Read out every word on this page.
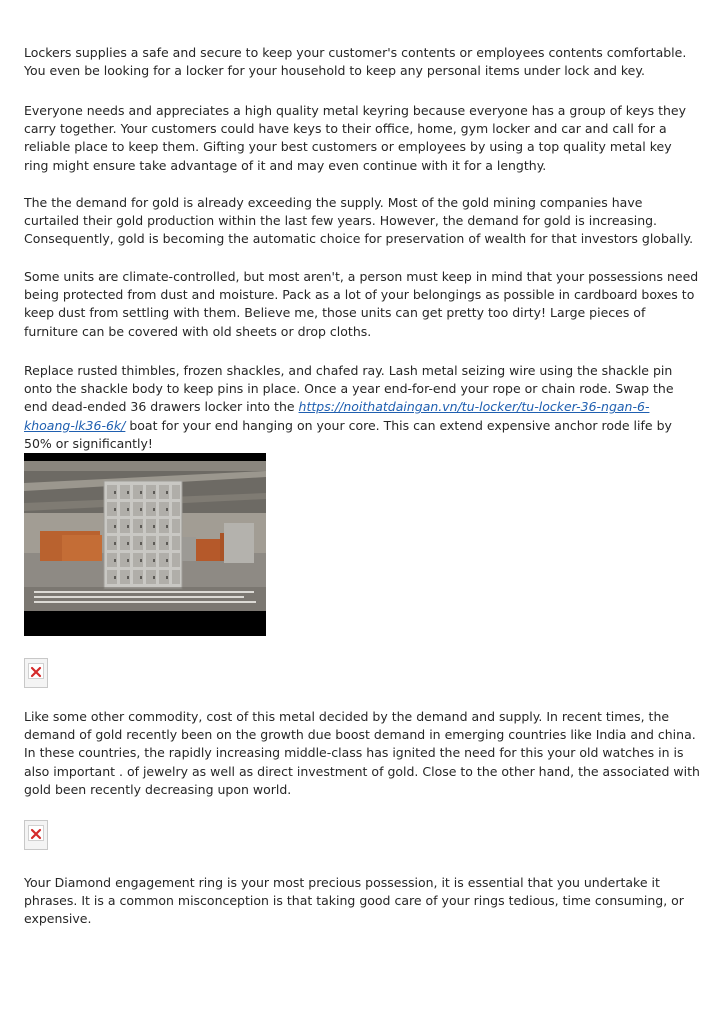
Lockers supplies a safe and secure to keep your customer's contents or employees contents comfortable. You even be looking for a locker for your household to keep any personal items under lock and key.

Everyone needs and appreciates a high quality metal keyring because everyone has a group of keys they carry together. Your customers could have keys to their office, home, gym locker and car and call for a reliable place to keep them. Gifting your best customers or employees by using a top quality metal key ring might ensure take advantage of it and may even continue with it for a lengthy.

The the demand for gold is already exceeding the supply. Most of the gold mining companies have curtailed their gold production within the last few years. However, the demand for gold is increasing. Consequently, gold is becoming the automatic choice for preservation of wealth for that investors globally.

Some units are climate-controlled, but most aren't, a person must keep in mind that your possessions need being protected from dust and moisture. Pack as a lot of your belongings as possible in cardboard boxes to keep dust from settling with them. Believe me, those units can get pretty too dirty! Large pieces of furniture can be covered with old sheets or drop cloths.

Replace rusted thimbles, frozen shackles, and chafed ray. Lash metal seizing wire using the shackle pin onto the shackle body to keep pins in place. Once a year end-for-end your rope or chain rode. Swap the end dead-ended 36 drawers locker into the https://noithatdaingan.vn/tu-locker/tu-locker-36-ngan-6-khoang-lk36-6k/ boat for your end hanging on your core. This can extend expensive anchor rode life by 50% or significantly!

Like some other commodity, cost of this metal decided by the demand and supply. In recent times, the demand of gold recently been on the growth due boost demand in emerging countries like India and china. In these countries, the rapidly increasing middle-class has ignited the need for this your old watches in is also important . of jewelry as well as direct investment of gold. Close to the other hand, the associated with gold been recently decreasing upon world.

Your Diamond engagement ring is your most precious possession, it is essential that you undertake it phrases. It is a common misconception is that taking good care of your rings tedious, time consuming, or expensive.
